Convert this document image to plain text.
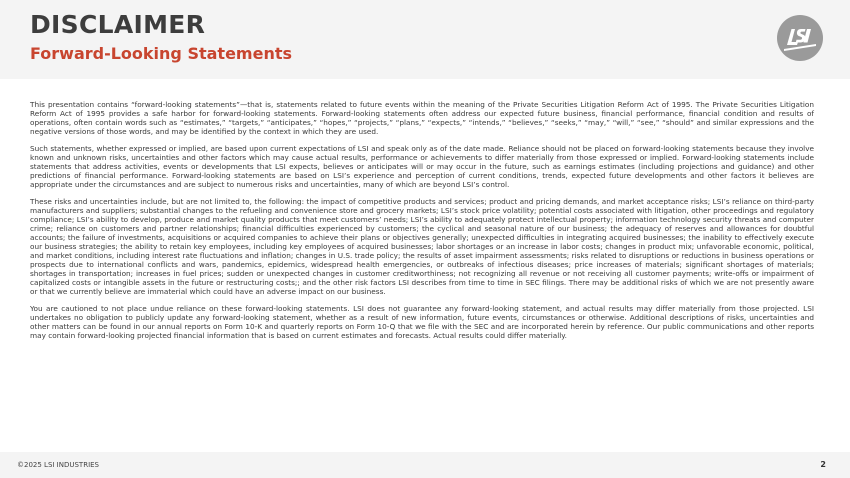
DISCLAIMER
Forward-Looking Statements

This presentation contains “forward-looking statements”—that is, statements related to future events within the meaning of the Private Securities Litigation Reform Act of 1995. The Private Securities Litigation Reform Act of 1995 provides a safe harbor for forward-looking statements. Forward-looking statements often address our expected future business, financial performance, financial condition and results of operations, often contain words such as “estimates,” “targets,” “anticipates,” “hopes,” “projects,” “plans,” “expects,” “intends,” “believes,” “seeks,” “may,” “will,” “see,” “should” and similar expressions and the negative versions of those words, and may be identified by the context in which they are used.

Such statements, whether expressed or implied, are based upon current expectations of LSI and speak only as of the date made. Reliance should not be placed on forward-looking statements because they involve known and unknown risks, uncertainties and other factors which may cause actual results, performance or achievements to differ materially from those expressed or implied. Forward-looking statements include statements that address activities, events or developments that LSI expects, believes or anticipates will or may occur in the future, such as earnings estimates (including projections and guidance) and other predictions of financial performance. Forward-looking statements are based on LSI’s experience and perception of current conditions, trends, expected future developments and other factors it believes are appropriate under the circumstances and are subject to numerous risks and uncertainties, many of which are beyond LSI’s control.

These risks and uncertainties include, but are not limited to, the following: the impact of competitive products and services; product and pricing demands, and market acceptance risks; LSI’s reliance on third-party manufacturers and suppliers; substantial changes to the refueling and convenience store and grocery markets; LSI’s stock price volatility; potential costs associated with litigation, other proceedings and regulatory compliance; LSI’s ability to develop, produce and market quality products that meet customers’ needs; LSI’s ability to adequately protect intellectual property; information technology security threats and computer crime; reliance on customers and partner relationships; financial difficulties experienced by customers; the cyclical and seasonal nature of our business; the adequacy of reserves and allowances for doubtful accounts; the failure of investments, acquisitions or acquired companies to achieve their plans or objectives generally; unexpected difficulties in integrating acquired businesses; the inability to effectively execute our business strategies; the ability to retain key employees, including key employees of acquired businesses; labor shortages or an increase in labor costs; changes in product mix; unfavorable economic, political, and market conditions, including interest rate fluctuations and inflation; changes in U.S. trade policy; the results of asset impairment assessments; risks related to disruptions or reductions in business operations or prospects due to international conflicts and wars, pandemics, epidemics, widespread health emergencies, or outbreaks of infectious diseases; price increases of materials; significant shortages of materials; shortages in transportation; increases in fuel prices; sudden or unexpected changes in customer creditworthiness; not recognizing all revenue or not receiving all customer payments; write-offs or impairment of capitalized costs or intangible assets in the future or restructuring costs;; and the other risk factors LSI describes from time to time in SEC filings. There may be additional risks of which we are not presently aware or that we currently believe are immaterial which could have an adverse impact on our business.

You are cautioned to not place undue reliance on these forward-looking statements. LSI does not guarantee any forward-looking statement, and actual results may differ materially from those projected. LSI undertakes no obligation to publicly update any forward-looking statement, whether as a result of new information, future events, circumstances or otherwise. Additional descriptions of risks, uncertainties and other matters can be found in our annual reports on Form 10-K and quarterly reports on Form 10-Q that we file with the SEC and are incorporated herein by reference. Our public communications and other reports may contain forward-looking projected financial information that is based on current estimates and forecasts. Actual results could differ materially.

©2025 LSI INDUSTRIES	2
